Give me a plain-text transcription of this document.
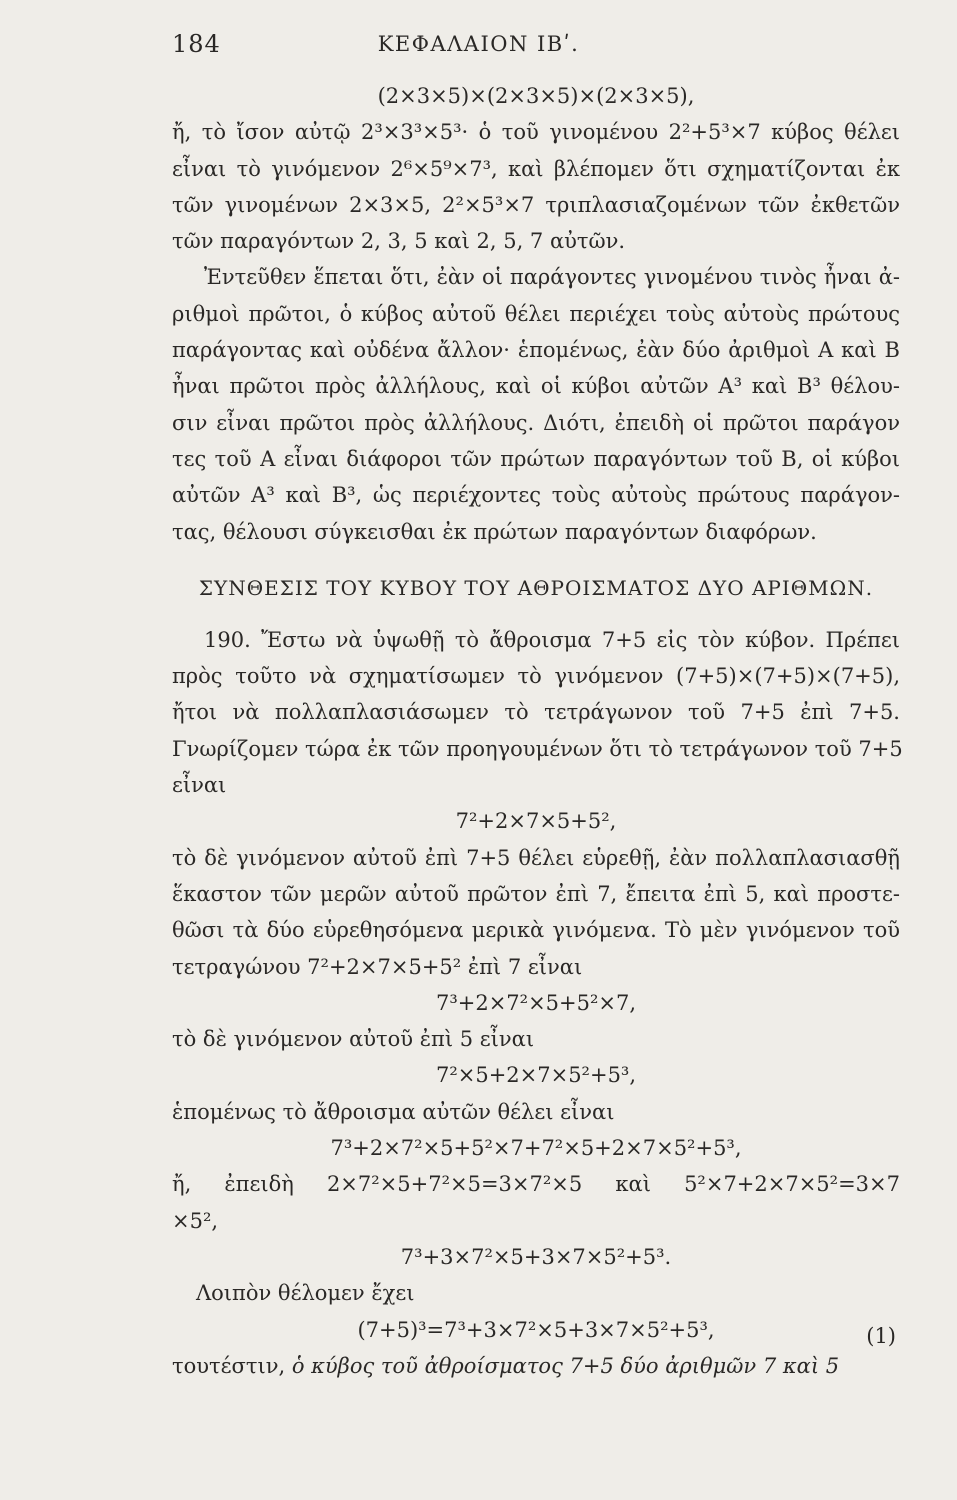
184	ΚΕΦΑΛΑΙΟΝ ΙΒʹ.
(2×3×5)×(2×3×5)×(2×3×5),
ἤ, τὸ ἴσον αὐτῷ 2³×3³×5³· ὁ τοῦ γινομένου 2²+5³×7 κύβος θέλει
εἶναι τὸ γινόμενον 2⁶×5⁹×7³, καὶ βλέπομεν ὅτι σχηματίζονται ἐκ
τῶν γινομένων 2×3×5, 2²×5³×7 τριπλασιαζομένων τῶν ἐκθετῶν
τῶν παραγόντων 2, 3, 5 καὶ 2, 5, 7 αὐτῶν.
Ἐντεῦθεν ἕπεται ὅτι, ἐὰν οἱ παράγοντες γινομένου τινὸς ἦναι ἀ-
ριθμοὶ πρῶτοι, ὁ κύβος αὐτοῦ θέλει περιέχει τοὺς αὐτοὺς πρώτους
παράγοντας καὶ οὐδένα ἄλλον· ἑπομένως, ἐὰν δύο ἀριθμοὶ Α καὶ Β
ἦναι πρῶτοι πρὸς ἀλλήλους, καὶ οἱ κύβοι αὐτῶν Α³ καὶ Β³ θέλου-
σιν εἶναι πρῶτοι πρὸς ἀλλήλους. Διότι, ἐπειδὴ οἱ πρῶτοι παράγον
τες τοῦ Α εἶναι διάφοροι τῶν πρώτων παραγόντων τοῦ Β, οἱ κύβοι
αὐτῶν Α³ καὶ Β³, ὡς περιέχοντες τοὺς αὐτοὺς πρώτους παράγον-
τας, θέλουσι σύγκεισθαι ἐκ πρώτων παραγόντων διαφόρων.
ΣΥΝΘΕΣΙΣ ΤΟΥ ΚΥΒΟΥ ΤΟΥ ΑΘΡΟΙΣΜΑΤΟΣ ΔΥΟ ΑΡΙΘΜΩΝ.
190. Ἔστω νὰ ὑψωθῇ τὸ ἄθροισμα 7+5 εἰς τὸν κύβον. Πρέπει
πρὸς τοῦτο νὰ σχηματίσωμεν τὸ γινόμενον (7+5)×(7+5)×(7+5),
ἤτοι νὰ πολλαπλασιάσωμεν τὸ τετράγωνον τοῦ 7+5 ἐπὶ 7+5.
Γνωρίζομεν τώρα ἐκ τῶν προηγουμένων ὅτι τὸ τετράγωνον τοῦ 7+5
εἶναι
7²+2×7×5+5²,
τὸ δὲ γινόμενον αὐτοῦ ἐπὶ 7+5 θέλει εὑρεθῇ, ἐὰν πολλαπλασιασθῇ
ἕκαστον τῶν μερῶν αὐτοῦ πρῶτον ἐπὶ 7, ἔπειτα ἐπὶ 5, καὶ προστε-
θῶσι τὰ δύο εὑρεθησόμενα μερικὰ γινόμενα. Τὸ μὲν γινόμενον τοῦ
τετραγώνου 7²+2×7×5+5² ἐπὶ 7 εἶναι
7³+2×7²×5+5²×7,
τὸ δὲ γινόμενον αὐτοῦ ἐπὶ 5 εἶναι
7²×5+2×7×5²+5³,
ἑπομένως τὸ ἄθροισμα αὐτῶν θέλει εἶναι
7³+2×7²×5+5²×7+7²×5+2×7×5²+5³,
ἤ, ἐπειδὴ 2×7²×5+7²×5=3×7²×5 καὶ 5²×7+2×7×5²=3×7
×5²,
7³+3×7²×5+3×7×5²+5³.
Λοιπὸν θέλομεν ἔχει
(7+5)³=7³+3×7²×5+3×7×5²+5³,	(1)
τουτέστιν, ὁ κύβος τοῦ ἀθροίσματος 7+5 δύο ἀριθμῶν 7 καὶ 5
